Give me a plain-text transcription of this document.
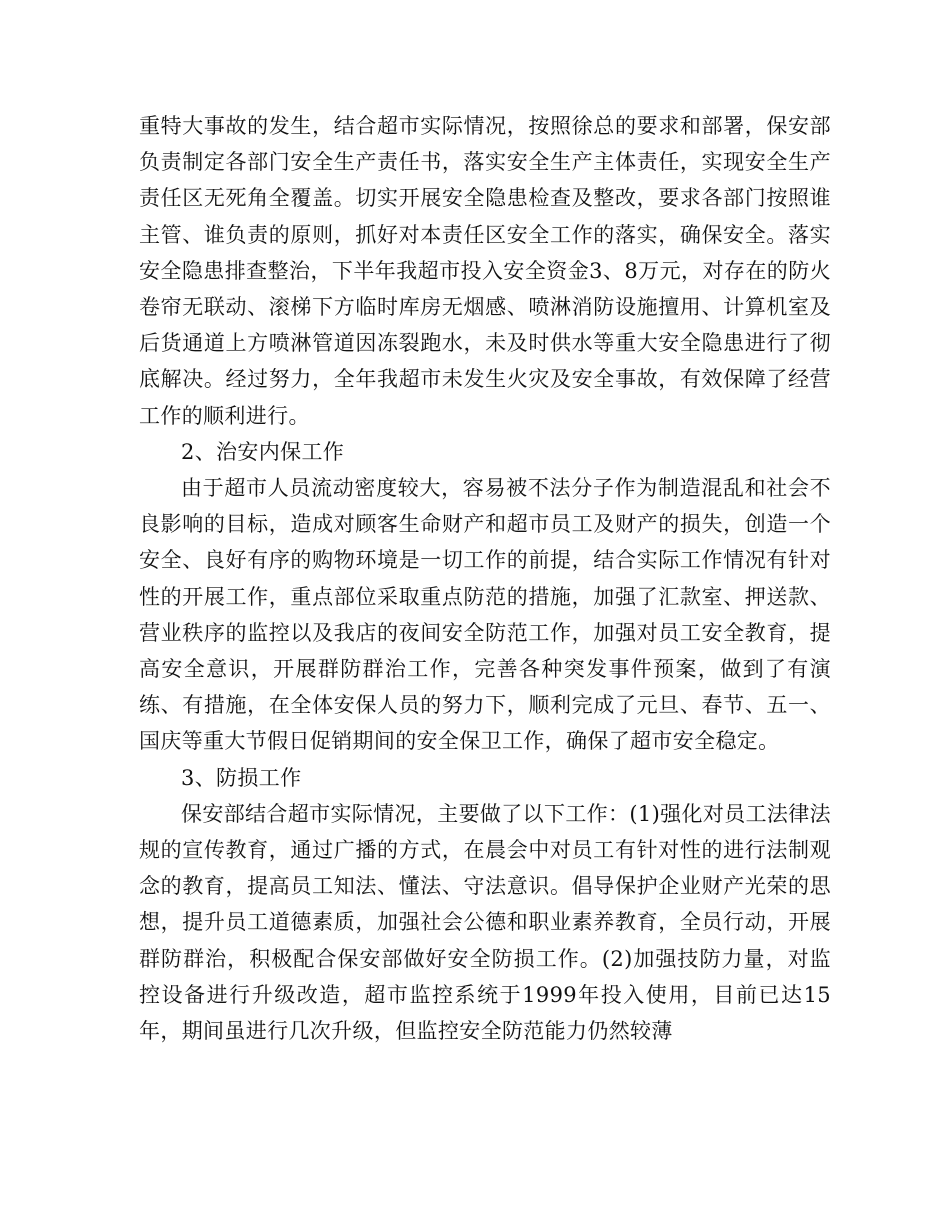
重特大事故的发生，结合超市实际情况，按照徐总的要求和部署，保安部负责制定各部门安全生产责任书，落实安全生产主体责任，实现安全生产责任区无死角全覆盖。切实开展安全隐患检查及整改，要求各部门按照谁主管、谁负责的原则，抓好对本责任区安全工作的落实，确保安全。落实安全隐患排查整治，下半年我超市投入安全资金3、8万元，对存在的防火卷帘无联动、滚梯下方临时库房无烟感、喷淋消防设施擅用、计算机室及后货通道上方喷淋管道因冻裂跑水，未及时供水等重大安全隐患进行了彻底解决。经过努力，全年我超市未发生火灾及安全事故，有效保障了经营工作的顺利进行。

2、治安内保工作

由于超市人员流动密度较大，容易被不法分子作为制造混乱和社会不良影响的目标，造成对顾客生命财产和超市员工及财产的损失，创造一个安全、良好有序的购物环境是一切工作的前提，结合实际工作情况有针对性的开展工作，重点部位采取重点防范的措施，加强了汇款室、押送款、营业秩序的监控以及我店的夜间安全防范工作，加强对员工安全教育，提高安全意识，开展群防群治工作，完善各种突发事件预案，做到了有演练、有措施，在全体安保人员的努力下，顺利完成了元旦、春节、五一、国庆等重大节假日促销期间的安全保卫工作，确保了超市安全稳定。

3、防损工作

保安部结合超市实际情况，主要做了以下工作：(1)强化对员工法律法规的宣传教育，通过广播的方式，在晨会中对员工有针对性的进行法制观念的教育，提高员工知法、懂法、守法意识。倡导保护企业财产光荣的思想，提升员工道德素质，加强社会公德和职业素养教育，全员行动，开展群防群治，积极配合保安部做好安全防损工作。(2)加强技防力量，对监控设备进行升级改造，超市监控系统于1999年投入使用，目前已达15年，期间虽进行几次升级，但监控安全防范能力仍然较薄
